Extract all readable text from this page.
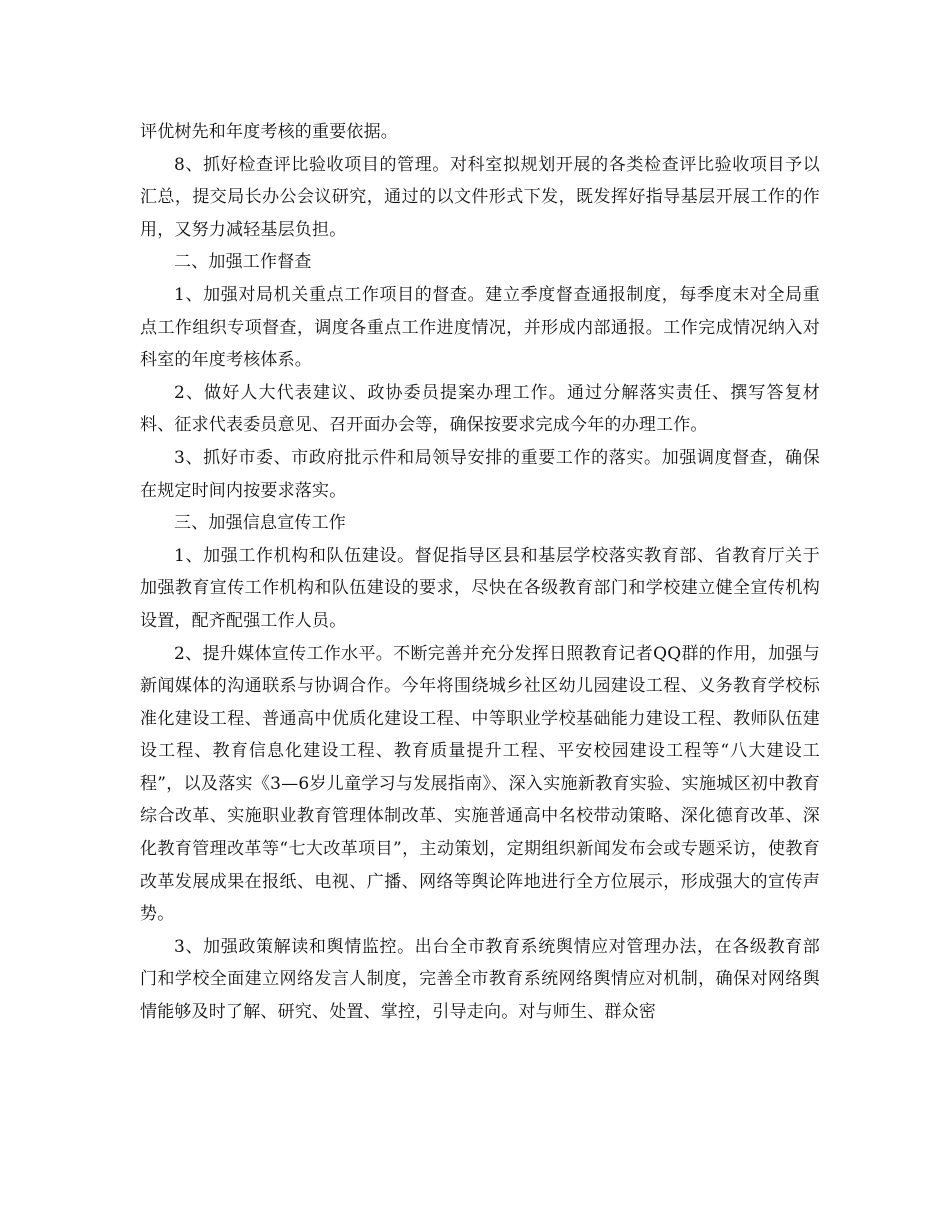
评优树先和年度考核的重要依据。

8、抓好检查评比验收项目的管理。对科室拟规划开展的各类检查评比验收项目予以汇总，提交局长办公会议研究，通过的以文件形式下发，既发挥好指导基层开展工作的作用，又努力减轻基层负担。

二、加强工作督查

1、加强对局机关重点工作项目的督查。建立季度督查通报制度，每季度末对全局重点工作组织专项督查，调度各重点工作进度情况，并形成内部通报。工作完成情况纳入对科室的年度考核体系。

2、做好人大代表建议、政协委员提案办理工作。通过分解落实责任、撰写答复材料、征求代表委员意见、召开面办会等，确保按要求完成今年的办理工作。

3、抓好市委、市政府批示件和局领导安排的重要工作的落实。加强调度督查，确保在规定时间内按要求落实。

三、加强信息宣传工作

1、加强工作机构和队伍建设。督促指导区县和基层学校落实教育部、省教育厅关于加强教育宣传工作机构和队伍建设的要求，尽快在各级教育部门和学校建立健全宣传机构设置，配齐配强工作人员。

2、提升媒体宣传工作水平。不断完善并充分发挥日照教育记者QQ群的作用，加强与新闻媒体的沟通联系与协调合作。今年将围绕城乡社区幼儿园建设工程、义务教育学校标准化建设工程、普通高中优质化建设工程、中等职业学校基础能力建设工程、教师队伍建设工程、教育信息化建设工程、教育质量提升工程、平安校园建设工程等“八大建设工程”，以及落实《3—6岁儿童学习与发展指南》、深入实施新教育实验、实施城区初中教育综合改革、实施职业教育管理体制改革、实施普通高中名校带动策略、深化德育改革、深化教育管理改革等“七大改革项目”，主动策划，定期组织新闻发布会或专题采访，使教育改革发展成果在报纸、电视、广播、网络等舆论阵地进行全方位展示，形成强大的宣传声势。

3、加强政策解读和舆情监控。出台全市教育系统舆情应对管理办法，在各级教育部门和学校全面建立网络发言人制度，完善全市教育系统网络舆情应对机制，确保对网络舆情能够及时了解、研究、处置、掌控，引导走向。对与师生、群众密
